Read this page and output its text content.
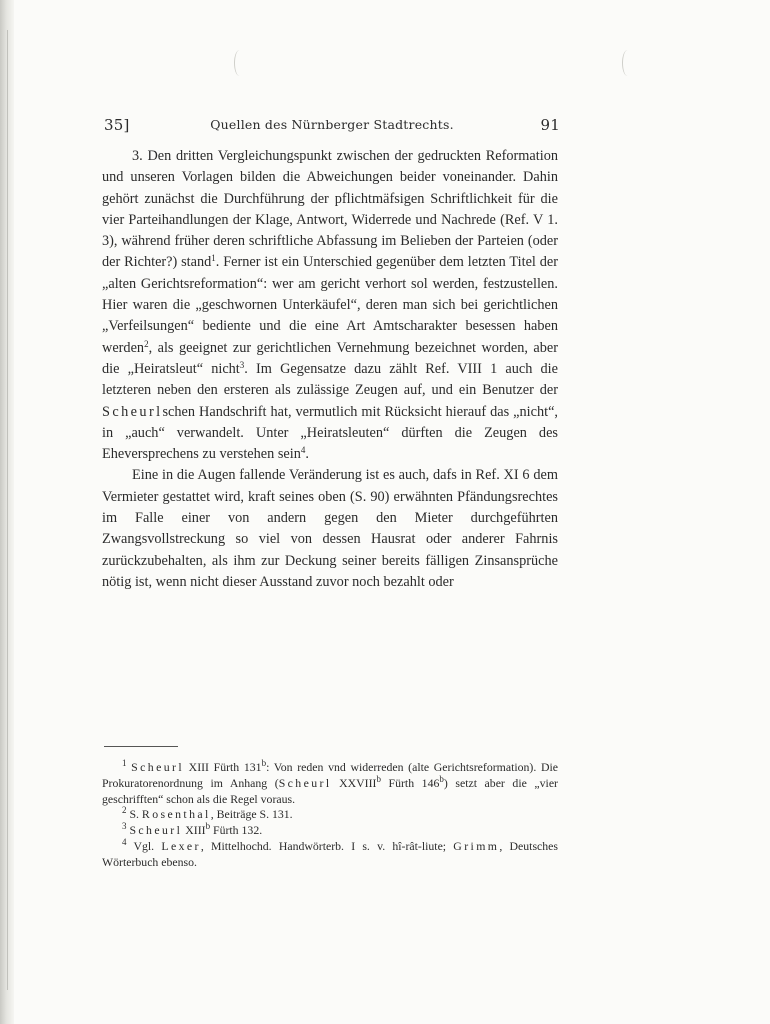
35]	Quellen des Nürnberger Stadtrechts.	91

3. Den dritten Vergleichungspunkt zwischen der gedruckten Reformation und unseren Vorlagen bilden die Abweichungen beider voneinander. Dahin gehört zunächst die Durchführung der pflichtmäfsigen Schriftlichkeit für die vier Parteihandlungen der Klage, Antwort, Widerrede und Nachrede (Ref. V 1. 3), während früher deren schriftliche Abfassung im Belieben der Parteien (oder der Richter?) stand$^1$. Ferner ist ein Unterschied gegenüber dem letzten Titel der „alten Gerichtsreformation“: wer am gericht verhort sol werden, festzustellen. Hier waren die „geschwornen Unterkäufel“, deren man sich bei gerichtlichen „Verfeilsungen“ bediente und die eine Art Amtscharakter besessen haben werden$^2$, als geeignet zur gerichtlichen Vernehmung bezeichnet worden, aber die „Heiratsleut“ nicht$^3$. Im Gegensatze dazu zählt Ref. VIII 1 auch die letzteren neben den ersteren als zulässige Zeugen auf, und ein Benutzer der Scheurlschen Handschrift hat, vermutlich mit Rücksicht hierauf das „nicht“, in „auch“ verwandelt. Unter „Heiratsleuten“ dürften die Zeugen des Eheversprechens zu verstehen sein$^4$.

Eine in die Augen fallende Veränderung ist es auch, dafs in Ref. XI 6 dem Vermieter gestattet wird, kraft seines oben (S. 90) erwähnten Pfändungsrechtes im Falle einer von andern gegen den Mieter durchgeführten Zwangsvollstreckung so viel von dessen Hausrat oder anderer Fahrnis zurückzubehalten, als ihm zur Deckung seiner bereits fälligen Zinsansprüche nötig ist, wenn nicht dieser Ausstand zuvor noch bezahlt oder

$^1$ Scheurl XIII Fürth 131$^b$: Von reden vnd widerreden (alte Gerichtsreformation). Die Prokuratorenordnung im Anhang (Scheurl XXVIII$^b$ Fürth 146$^b$) setzt aber die „vier geschrifften“ schon als die Regel voraus.

$^2$ S. Rosenthal, Beiträge S. 131.

$^3$ Scheurl XIII$^b$ Fürth 132.

$^4$ Vgl. Lexer, Mittelhochd. Handwörterb. I s. v. hî-rât-liute; Grimm, Deutsches Wörterbuch ebenso.
